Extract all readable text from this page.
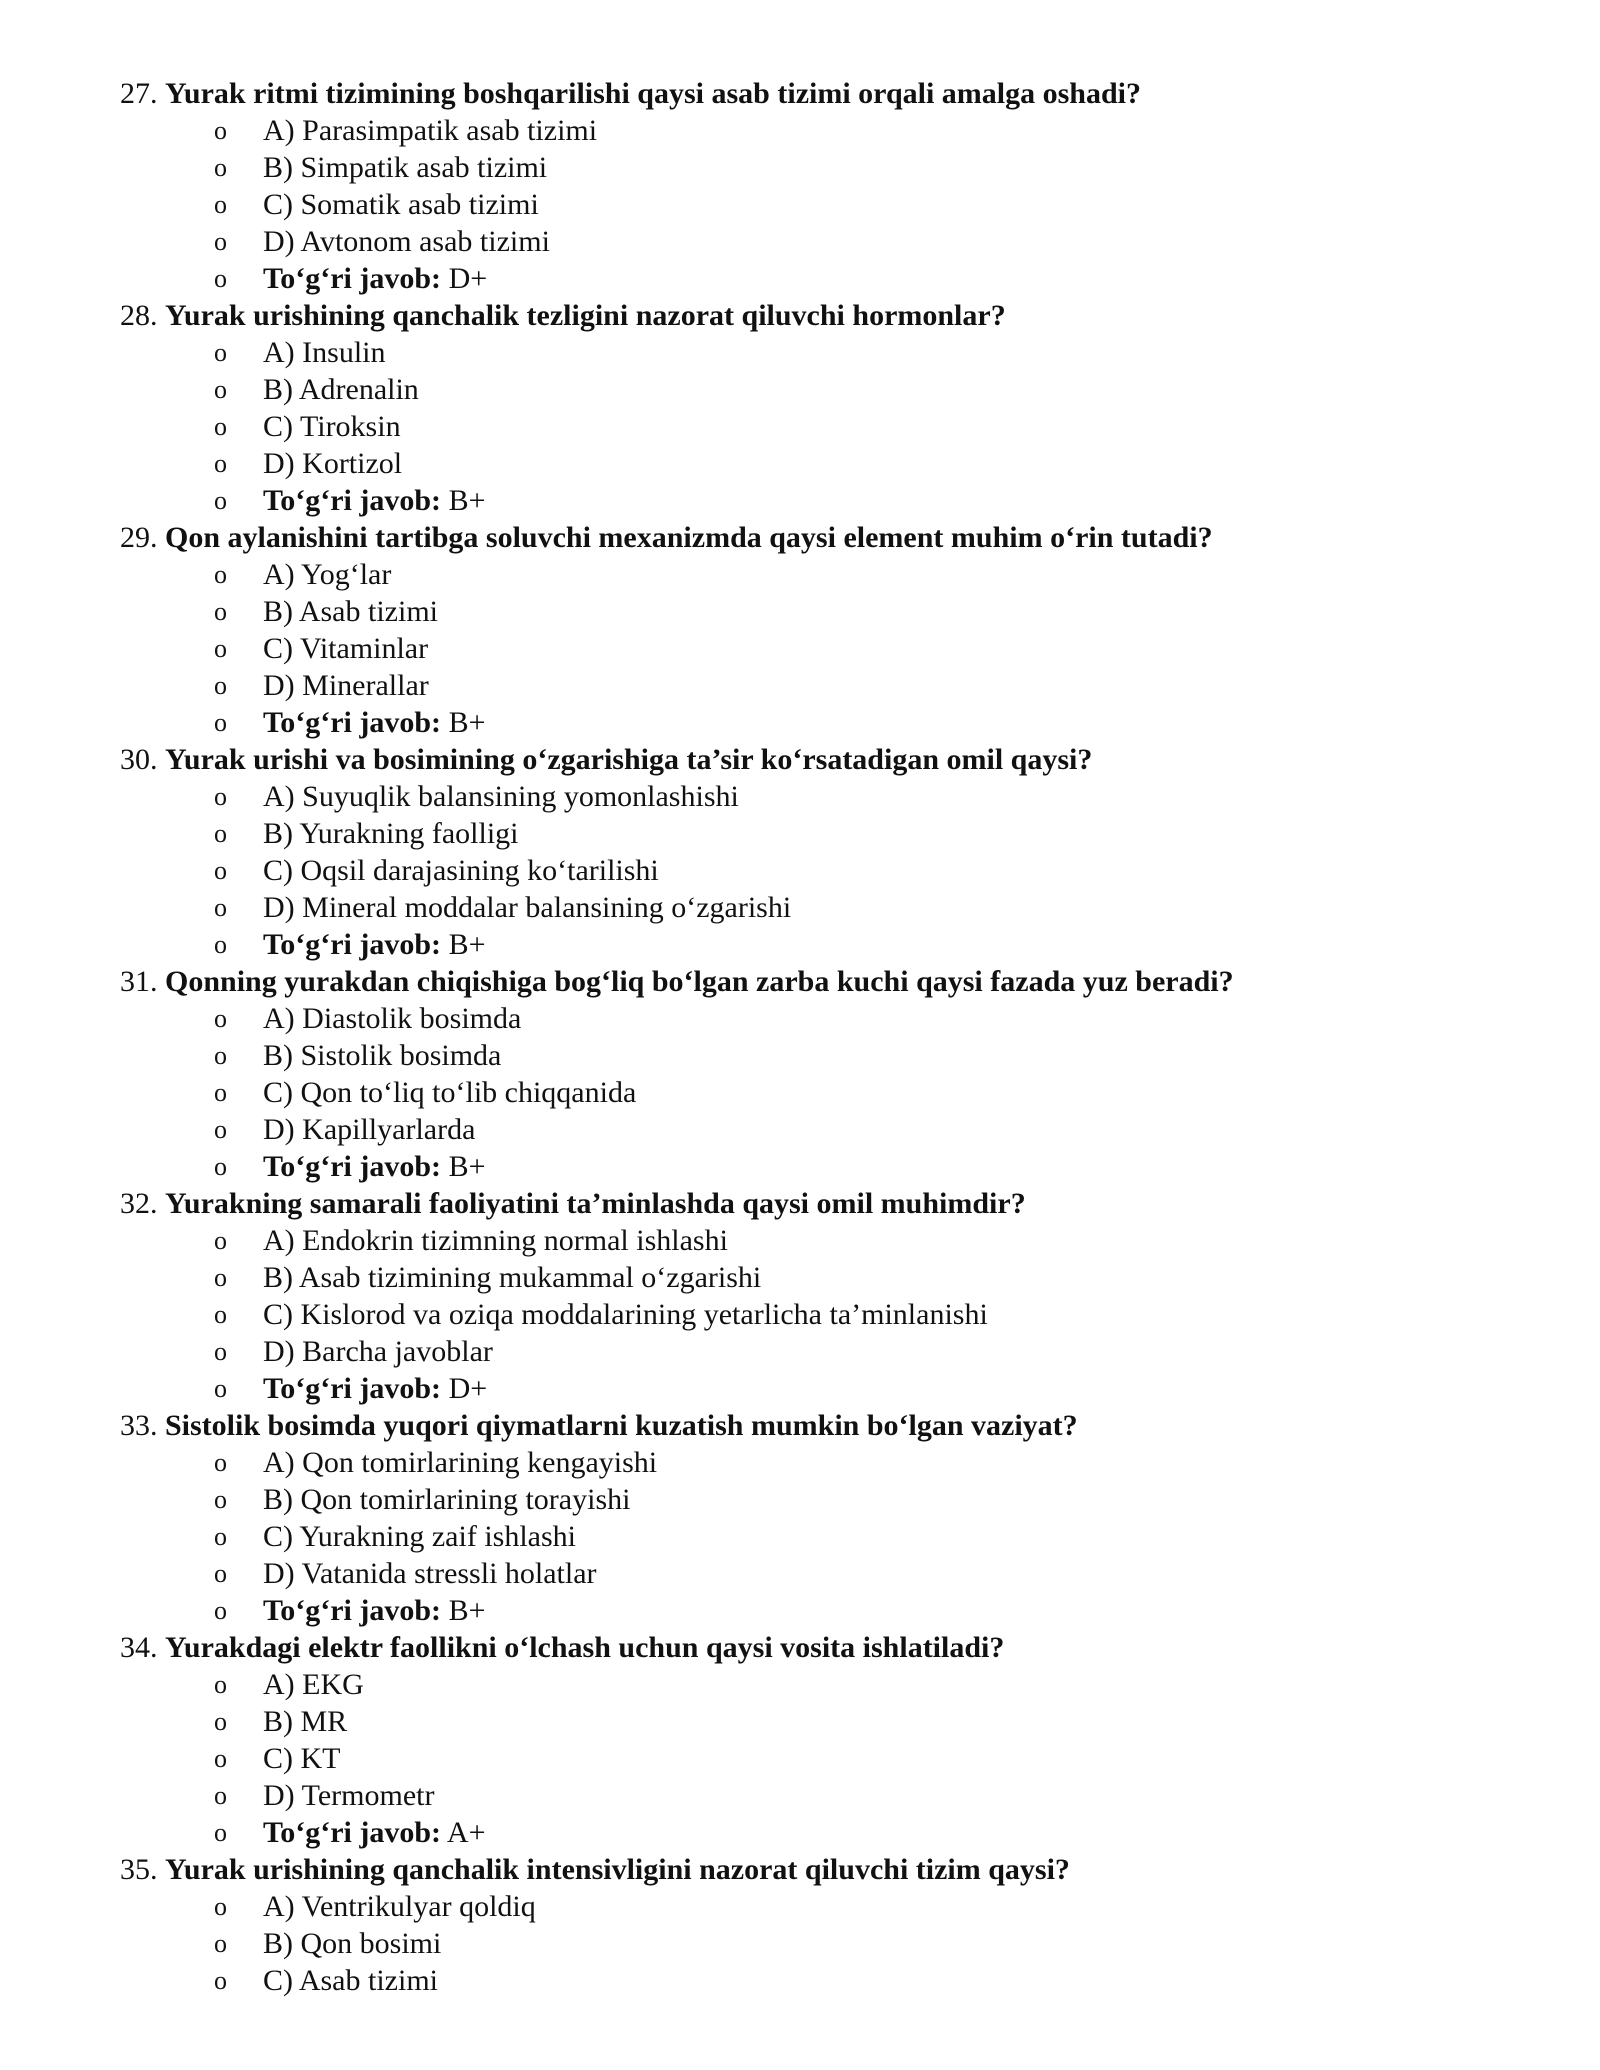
27. Yurak ritmi tizimining boshqarilishi qaysi asab tizimi orqali amalga oshadi?
o A) Parasimpatik asab tizimi
o B) Simpatik asab tizimi
o C) Somatik asab tizimi
o D) Avtonom asab tizimi
o To‘g‘ri javob: D+
28. Yurak urishining qanchalik tezligini nazorat qiluvchi hormonlar?
o A) Insulin
o B) Adrenalin
o C) Tiroksin
o D) Kortizol
o To‘g‘ri javob: B+
29. Qon aylanishini tartibga soluvchi mexanizmda qaysi element muhim o‘rin tutadi?
o A) Yog‘lar
o B) Asab tizimi
o C) Vitaminlar
o D) Minerallar
o To‘g‘ri javob: B+
30. Yurak urishi va bosimining o‘zgarishiga ta’sir ko‘rsatadigan omil qaysi?
o A) Suyuqlik balansining yomonlashishi
o B) Yurakning faolligi
o C) Oqsil darajasining ko‘tarilishi
o D) Mineral moddalar balansining o‘zgarishi
o To‘g‘ri javob: B+
31. Qonning yurakdan chiqishiga bog‘liq bo‘lgan zarba kuchi qaysi fazada yuz beradi?
o A) Diastolik bosimda
o B) Sistolik bosimda
o C) Qon to‘liq to‘lib chiqqanida
o D) Kapillyarlarda
o To‘g‘ri javob: B+
32. Yurakning samarali faoliyatini ta’minlashda qaysi omil muhimdir?
o A) Endokrin tizimning normal ishlashi
o B) Asab tizimining mukammal o‘zgarishi
o C) Kislorod va oziqa moddalarining yetarlicha ta’minlanishi
o D) Barcha javoblar
o To‘g‘ri javob: D+
33. Sistolik bosimda yuqori qiymatlarni kuzatish mumkin bo‘lgan vaziyat?
o A) Qon tomirlarining kengayishi
o B) Qon tomirlarining torayishi
o C) Yurakning zaif ishlashi
o D) Vatanida stressli holatlar
o To‘g‘ri javob: B+
34. Yurakdagi elektr faollikni o‘lchash uchun qaysi vosita ishlatiladi?
o A) EKG
o B) MR
o C) KT
o D) Termometr
o To‘g‘ri javob: A+
35. Yurak urishining qanchalik intensivligini nazorat qiluvchi tizim qaysi?
o A) Ventrikulyar qoldiq
o B) Qon bosimi
o C) Asab tizimi
